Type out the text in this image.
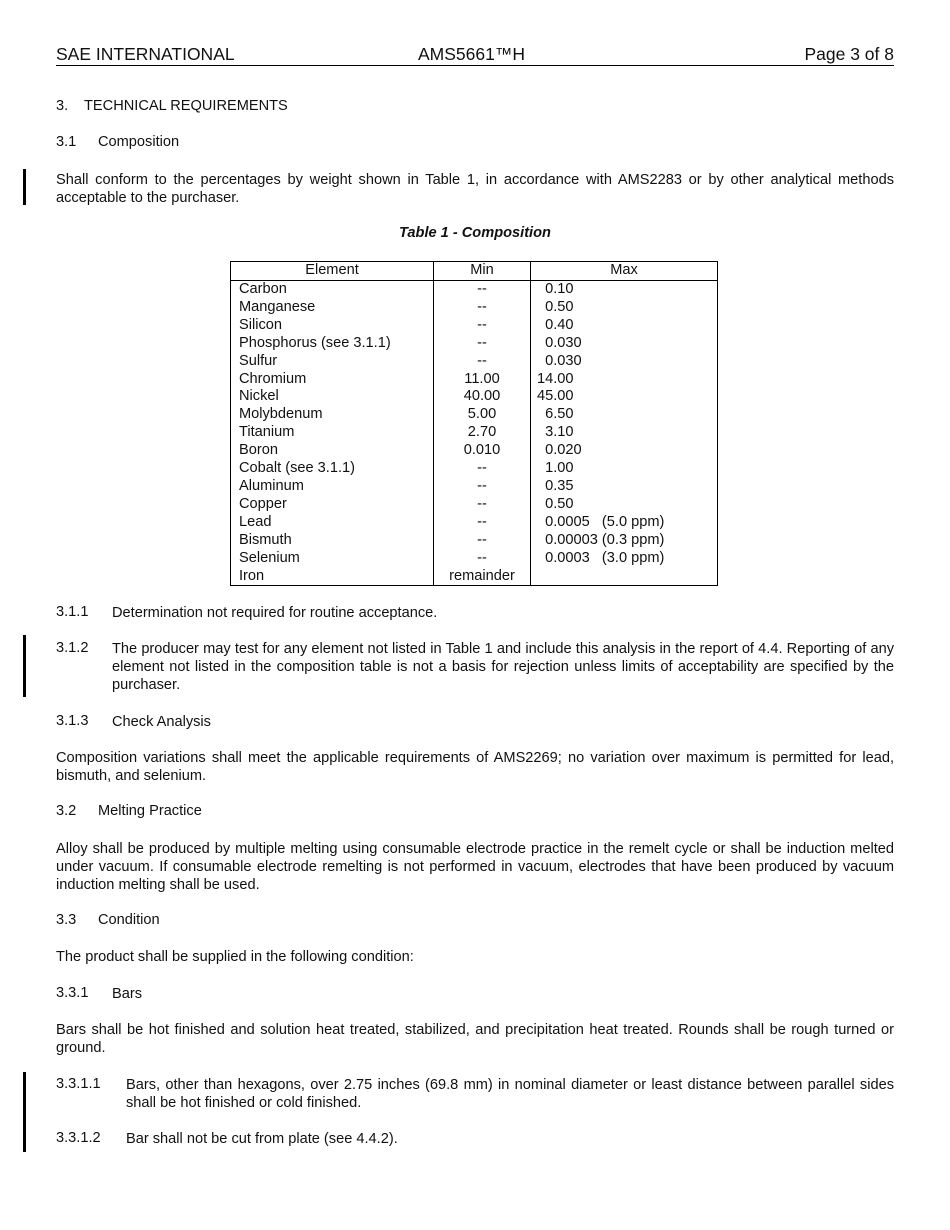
SAE INTERNATIONAL	AMS5661™H	Page 3 of 8
3. TECHNICAL REQUIREMENTS
3.1 Composition
Shall conform to the percentages by weight shown in Table 1, in accordance with AMS2283 or by other analytical methods acceptable to the purchaser.
Table 1 - Composition
Element	Min	Max
Carbon	--	0.10
Manganese	--	0.50
Silicon	--	0.40
Phosphorus (see 3.1.1)	--	0.030
Sulfur	--	0.030
Chromium	11.00	14.00
Nickel	40.00	45.00
Molybdenum	5.00	6.50
Titanium	2.70	3.10
Boron	0.010	0.020
Cobalt (see 3.1.1)	--	1.00
Aluminum	--	0.35
Copper	--	0.50
Lead	--	0.0005   (5.0 ppm)
Bismuth	--	0.00003 (0.3 ppm)
Selenium	--	0.0003   (3.0 ppm)
Iron	remainder	
3.1.1 Determination not required for routine acceptance.
3.1.2 The producer may test for any element not listed in Table 1 and include this analysis in the report of 4.4. Reporting of any element not listed in the composition table is not a basis for rejection unless limits of acceptability are specified by the purchaser.
3.1.3 Check Analysis
Composition variations shall meet the applicable requirements of AMS2269; no variation over maximum is permitted for lead, bismuth, and selenium.
3.2 Melting Practice
Alloy shall be produced by multiple melting using consumable electrode practice in the remelt cycle or shall be induction melted under vacuum. If consumable electrode remelting is not performed in vacuum, electrodes that have been produced by vacuum induction melting shall be used.
3.3 Condition
The product shall be supplied in the following condition:
3.3.1 Bars
Bars shall be hot finished and solution heat treated, stabilized, and precipitation heat treated. Rounds shall be rough turned or ground.
3.3.1.1 Bars, other than hexagons, over 2.75 inches (69.8 mm) in nominal diameter or least distance between parallel sides shall be hot finished or cold finished.
3.3.1.2 Bar shall not be cut from plate (see 4.4.2).
